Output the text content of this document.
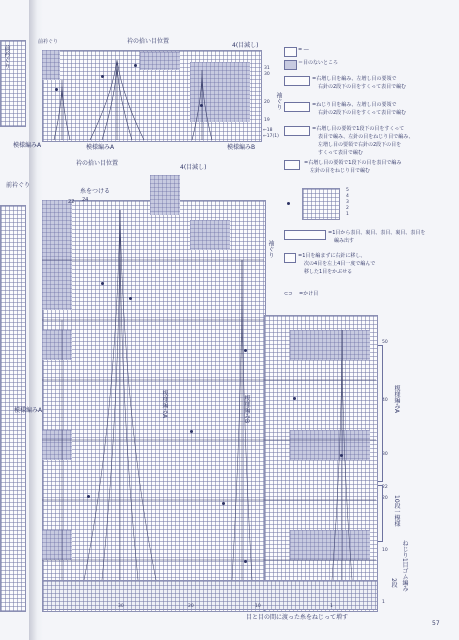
前衿ぐり
模様編みA
前衿ぐり
模様編みA
衿の拾い目位置
4(目減し)
前衿ぐり
模様編みA	模様編みB
袖ぐり
31
30
20
19
←18
←17(1)
衿の拾い目位置
4(目減し)
糸をつける
24
22
模様編みA	模様編みB
袖ぐり
模様編みA
10段一模様
ねじり1目ゴム編み
2段
50
40
30
22
20
10
1
30	20	10	1
目と目の間に渡った糸をねじって増す
= ―
＝目のないところ
=右増し目を編み、左増し目の要領で
右針の2段下の目をすくって表目で編む
=ねじり目を編み、左増し目の要領で
右針の2段下の目をすくって表目で編む
=右増し目の要領で1段下の目をすくって
表目で編み、左針の目をねじり目で編み、
左増し目の要領で右針の2段下の目を
すくって表目で編む
=右増し目の要領で1段下の目を表目で編み
左針の目をねじり目で編む
5
4
3
2
1
=1目から表目、裏目、表目、裏目、表目を
編み出す
=1目を編まずに右針に移し、
次の4目を左上4目一度で編んで
移した1目をかぶせる
⊂⊃ =かけ目
57
